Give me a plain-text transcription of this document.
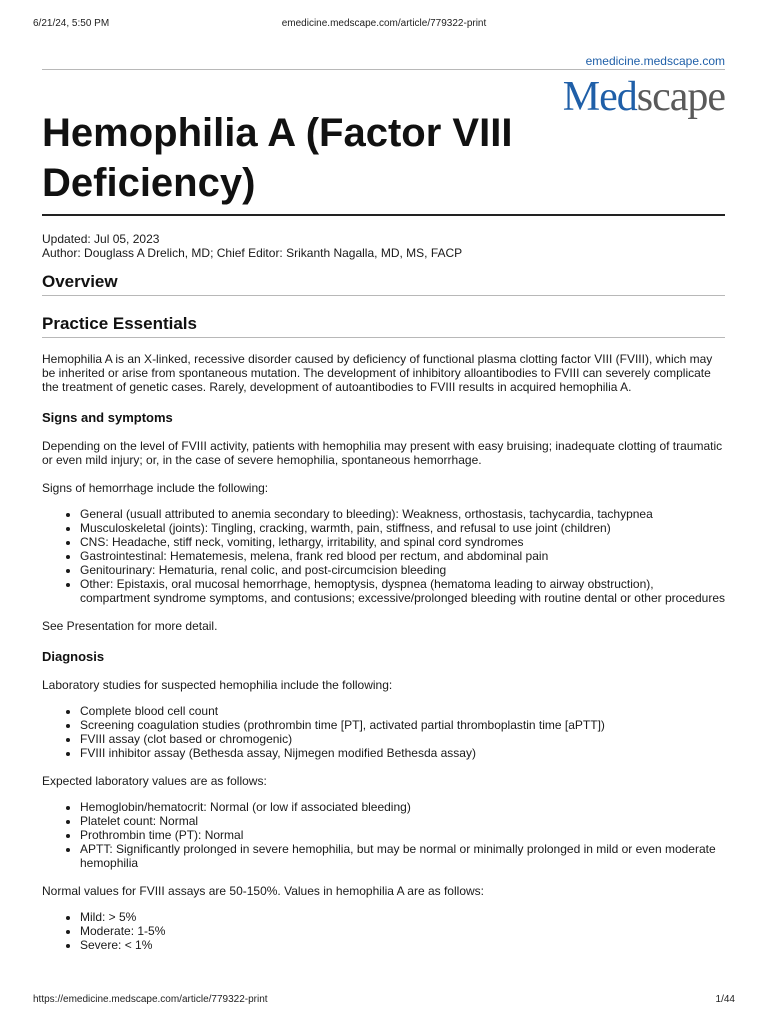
6/21/24, 5:50 PM	emedicine.medscape.com/article/779322-print
emedicine.medscape.com
Medscape
Hemophilia A (Factor VIII Deficiency)
Updated: Jul 05, 2023
Author: Douglass A Drelich, MD; Chief Editor: Srikanth Nagalla, MD, MS, FACP
Overview
Practice Essentials

Hemophilia A is an X-linked, recessive disorder caused by deficiency of functional plasma clotting factor VIII (FVIII), which may be inherited or arise from spontaneous mutation. The development of inhibitory alloantibodies to FVIII can severely complicate the treatment of genetic cases. Rarely, development of autoantibodies to FVIII results in acquired hemophilia A.

Signs and symptoms

Depending on the level of FVIII activity, patients with hemophilia may present with easy bruising; inadequate clotting of traumatic or even mild injury; or, in the case of severe hemophilia, spontaneous hemorrhage.

Signs of hemorrhage include the following:

• General (usuall attributed to anemia secondary to bleeding): Weakness, orthostasis, tachycardia, tachypnea
• Musculoskeletal (joints): Tingling, cracking, warmth, pain, stiffness, and refusal to use joint (children)
• CNS: Headache, stiff neck, vomiting, lethargy, irritability, and spinal cord syndromes
• Gastrointestinal: Hematemesis, melena, frank red blood per rectum, and abdominal pain
• Genitourinary: Hematuria, renal colic, and post-circumcision bleeding
• Other: Epistaxis, oral mucosal hemorrhage, hemoptysis, dyspnea (hematoma leading to airway obstruction), compartment syndrome symptoms, and contusions; excessive/prolonged bleeding with routine dental or other procedures

See Presentation for more detail.

Diagnosis

Laboratory studies for suspected hemophilia include the following:

• Complete blood cell count
• Screening coagulation studies (prothrombin time [PT], activated partial thromboplastin time [aPTT])
• FVIII assay (clot based or chromogenic)
• FVIII inhibitor assay (Bethesda assay, Nijmegen modified Bethesda assay)

Expected laboratory values are as follows:

• Hemoglobin/hematocrit: Normal (or low if associated bleeding)
• Platelet count: Normal
• Prothrombin time (PT): Normal
• APTT: Significantly prolonged in severe hemophilia, but may be normal or minimally prolonged in mild or even moderate hemophilia

Normal values for FVIII assays are 50-150%. Values in hemophilia A are as follows:

• Mild: > 5%
• Moderate: 1-5%
• Severe: < 1%
https://emedicine.medscape.com/article/779322-print	1/44
